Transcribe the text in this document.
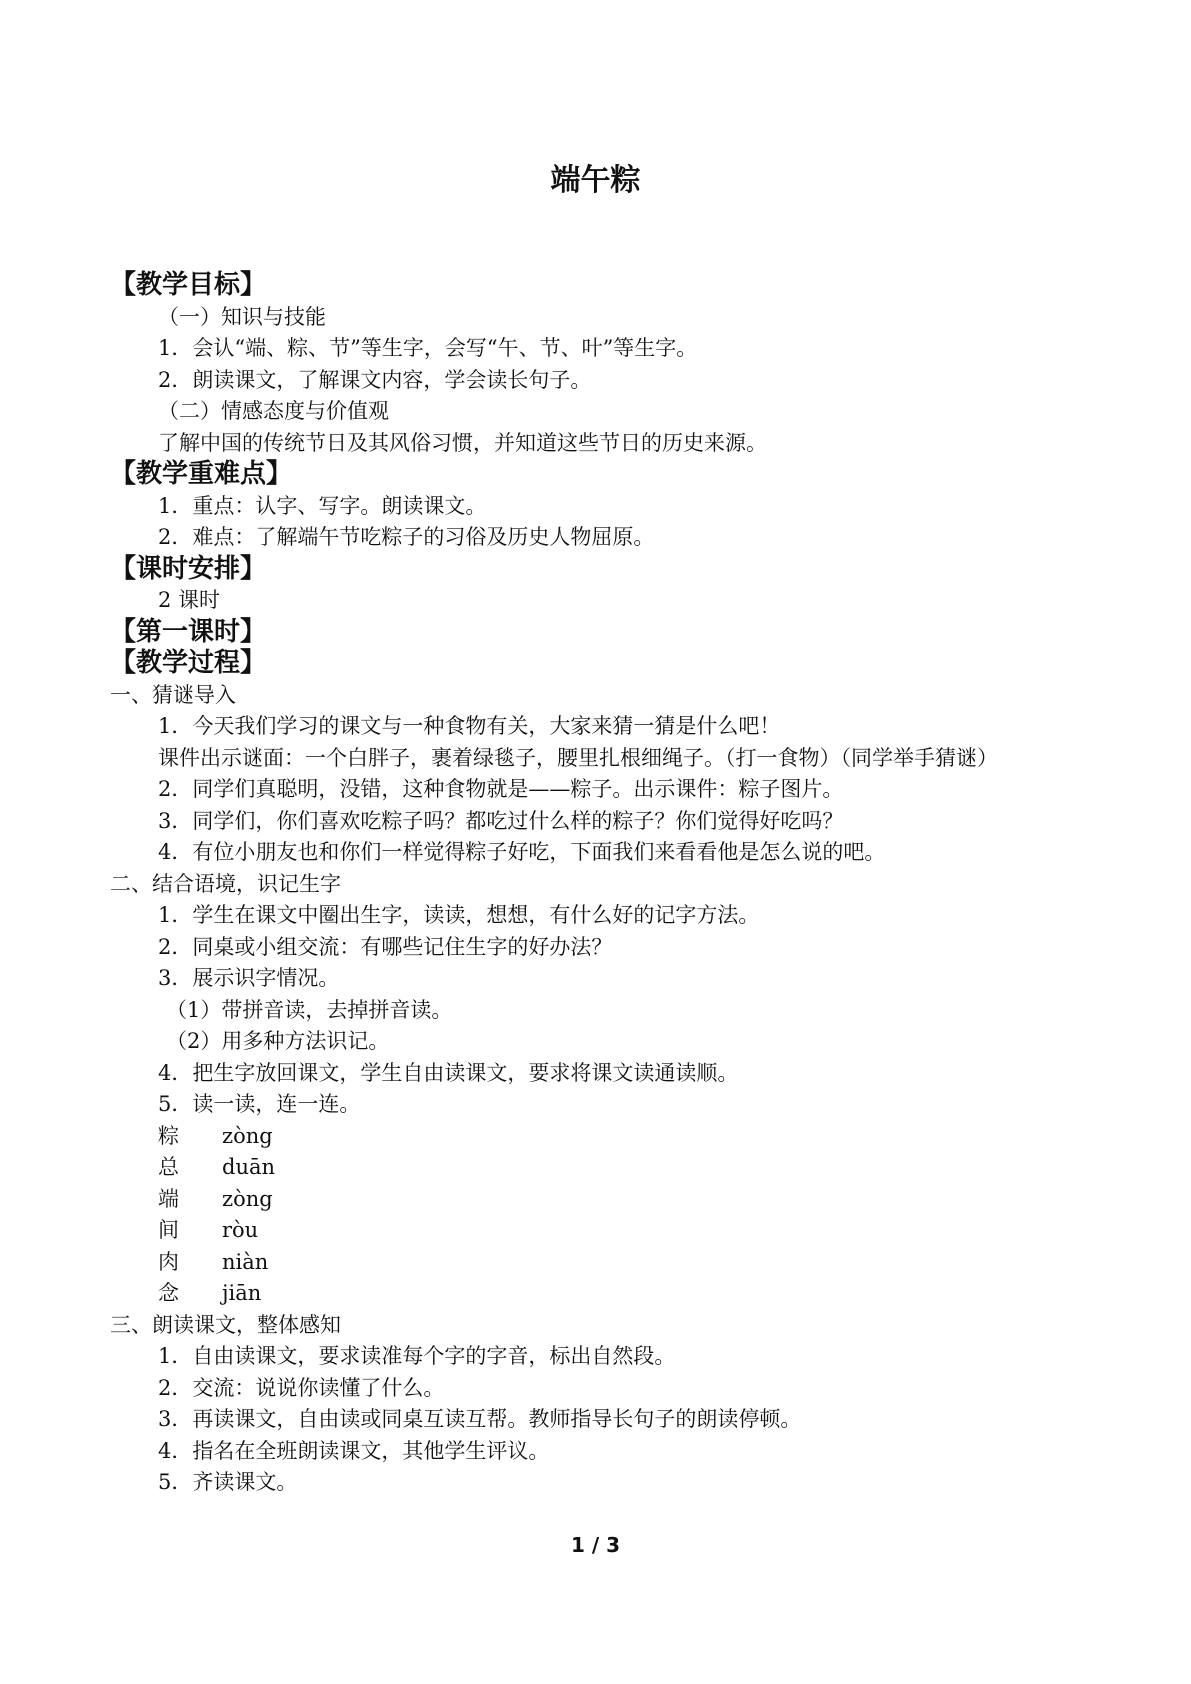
端午粽
【教学目标】
（一）知识与技能
1．会认“端、粽、节”等生字，会写“午、节、叶”等生字。
2．朗读课文，了解课文内容，学会读长句子。
（二）情感态度与价值观
了解中国的传统节日及其风俗习惯，并知道这些节日的历史来源。
【教学重难点】
1．重点：认字、写字。朗读课文。
2．难点：了解端午节吃粽子的习俗及历史人物屈原。
【课时安排】
2 课时
【第一课时】
【教学过程】
一、猜谜导入
1．今天我们学习的课文与一种食物有关，大家来猜一猜是什么吧！
课件出示谜面：一个白胖子，裹着绿毯子，腰里扎根细绳子。（打一食物）（同学举手猜谜）
2．同学们真聪明，没错，这种食物就是——粽子。出示课件：粽子图片。
3．同学们，你们喜欢吃粽子吗？都吃过什么样的粽子？你们觉得好吃吗？
4．有位小朋友也和你们一样觉得粽子好吃，下面我们来看看他是怎么说的吧。
二、结合语境，识记生字
1．学生在课文中圈出生字，读读，想想，有什么好的记字方法。
2．同桌或小组交流：有哪些记住生字的好办法？
3．展示识字情况。
（1）带拼音读，去掉拼音读。
（2）用多种方法识记。
4．把生字放回课文，学生自由读课文，要求将课文读通读顺。
5．读一读，连一连。
粽	zòng
总	duān
端	zòng
间	ròu
肉	niàn
念	jiān
三、朗读课文，整体感知
1．自由读课文，要求读准每个字的字音，标出自然段。
2．交流：说说你读懂了什么。
3．再读课文，自由读或同桌互读互帮。教师指导长句子的朗读停顿。
4．指名在全班朗读课文，其他学生评议。
5．齐读课文。
1 / 3
